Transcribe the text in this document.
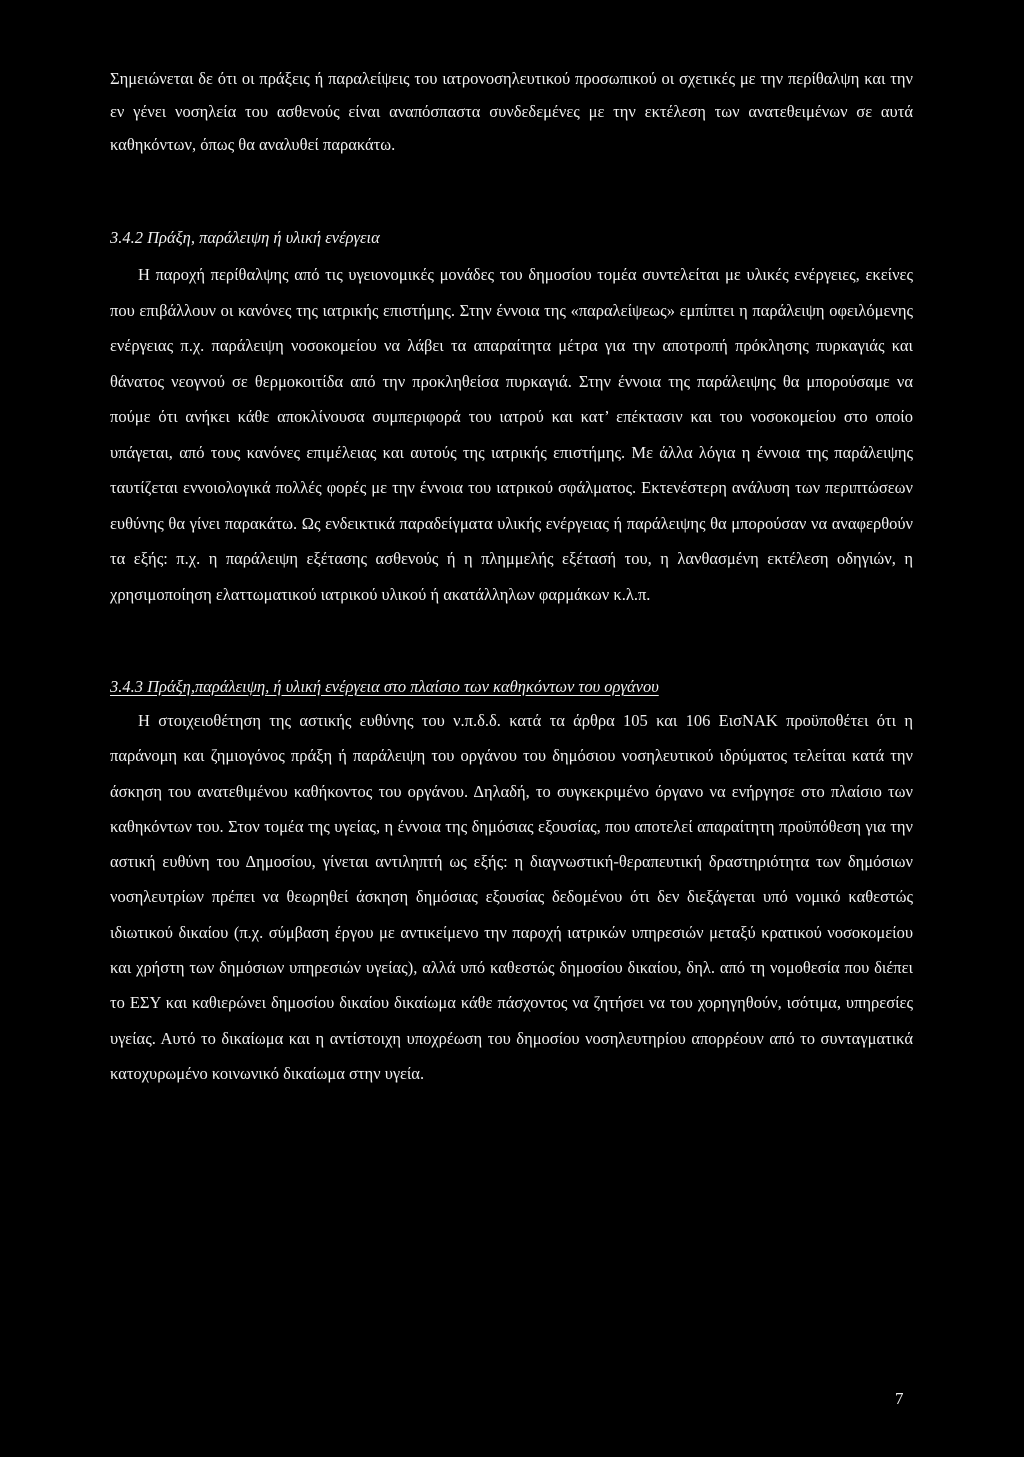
Σημειώνεται δε ότι οι πράξεις ή παραλείψεις του ιατρονοσηλευτικού προσωπικού οι σχετικές με την περίθαλψη και την εν γένει νοσηλεία του ασθενούς είναι αναπόσπαστα συνδεδεμένες με την εκτέλεση των ανατεθειμένων σε αυτά καθηκόντων, όπως θα αναλυθεί παρακάτω.

3.4.2 Πράξη, παράλειψη ή υλική ενέργεια

Η παροχή περίθαλψης από τις υγειονομικές μονάδες του δημοσίου τομέα συντελείται με υλικές ενέργειες, εκείνες που επιβάλλουν οι κανόνες της ιατρικής επιστήμης. Στην έννοια της «παραλείψεως» εμπίπτει η παράλειψη οφειλόμενης ενέργειας π.χ. παράλειψη νοσοκομείου να λάβει τα απαραίτητα μέτρα για την αποτροπή πρόκλησης πυρκαγιάς και θάνατος νεογνού σε θερμοκοιτίδα από την προκληθείσα πυρκαγιά. Στην έννοια της παράλειψης θα μπορούσαμε να πούμε ότι ανήκει κάθε αποκλίνουσα συμπεριφορά του ιατρού και κατ’ επέκτασιν και του νοσοκομείου στο οποίο υπάγεται, από τους κανόνες επιμέλειας και αυτούς της ιατρικής επιστήμης. Με άλλα λόγια η έννοια της παράλειψης ταυτίζεται εννοιολογικά πολλές φορές με την έννοια του ιατρικού σφάλματος. Εκτενέστερη ανάλυση των περιπτώσεων ευθύνης θα γίνει παρακάτω. Ως ενδεικτικά παραδείγματα υλικής ενέργειας ή παράλειψης θα μπορούσαν να αναφερθούν τα εξής: π.χ. η παράλειψη εξέτασης ασθενούς ή η πλημμελής εξέτασή του, η λανθασμένη εκτέλεση οδηγιών, η χρησιμοποίηση ελαττωματικού ιατρικού υλικού ή ακατάλληλων φαρμάκων κ.λ.π.

3.4.3 Πράξη,παράλειψη, ή υλική ενέργεια στο πλαίσιο των καθηκόντων του οργάνου

Η στοιχειοθέτηση της αστικής ευθύνης του ν.π.δ.δ. κατά τα άρθρα 105 και 106 ΕισΝΑΚ προϋποθέτει ότι η παράνομη και ζημιογόνος πράξη ή παράλειψη του οργάνου του δημόσιου νοσηλευτικού ιδρύματος τελείται κατά την άσκηση του ανατεθιμένου καθήκοντος του οργάνου. Δηλαδή, το συγκεκριμένο όργανο να ενήργησε στο πλαίσιο των καθηκόντων του. Στον τομέα της υγείας, η έννοια της δημόσιας εξουσίας, που αποτελεί απαραίτητη προϋπόθεση για την αστική ευθύνη του Δημοσίου, γίνεται αντιληπτή ως εξής: η διαγνωστική-θεραπευτική δραστηριότητα των δημόσιων νοσηλευτρίων πρέπει να θεωρηθεί άσκηση δημόσιας εξουσίας δεδομένου ότι δεν διεξάγεται υπό νομικό καθεστώς ιδιωτικού δικαίου (π.χ. σύμβαση έργου με αντικείμενο την παροχή ιατρικών υπηρεσιών μεταξύ κρατικού νοσοκομείου και χρήστη των δημόσιων υπηρεσιών υγείας), αλλά υπό καθεστώς δημοσίου δικαίου, δηλ. από τη νομοθεσία που διέπει το ΕΣΥ και καθιερώνει δημοσίου δικαίου δικαίωμα κάθε πάσχοντος να ζητήσει να του χορηγηθούν, ισότιμα, υπηρεσίες υγείας. Αυτό το δικαίωμα και η αντίστοιχη υποχρέωση του δημοσίου νοσηλευτηρίου απορρέουν από το συνταγματικά κατοχυρωμένο κοινωνικό δικαίωμα στην υγεία.

7
